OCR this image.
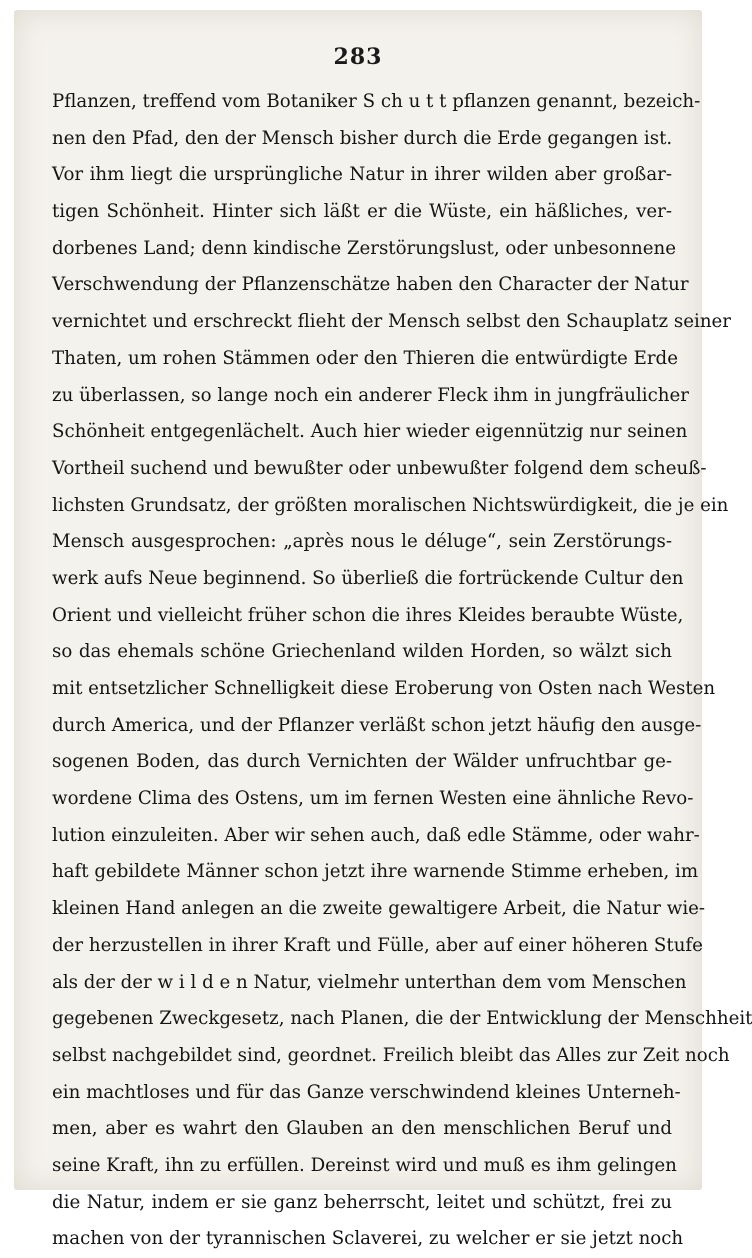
283
Pflanzen, treffend vom Botaniker S ch u t t pflanzen genannt, bezeich-
nen den Pfad, den der Mensch bisher durch die Erde gegangen ist.
Vor ihm liegt die ursprüngliche Natur in ihrer wilden aber großar-
tigen Schönheit. Hinter sich läßt er die Wüste, ein häßliches, ver-
dorbenes Land; denn kindische Zerstörungslust, oder unbesonnene
Verschwendung der Pflanzenschätze haben den Character der Natur
vernichtet und erschreckt flieht der Mensch selbst den Schauplatz seiner
Thaten, um rohen Stämmen oder den Thieren die entwürdigte Erde
zu überlassen, so lange noch ein anderer Fleck ihm in jungfräulicher
Schönheit entgegenlächelt. Auch hier wieder eigennützig nur seinen
Vortheil suchend und bewußter oder unbewußter folgend dem scheuß-
lichsten Grundsatz, der größten moralischen Nichtswürdigkeit, die je ein
Mensch ausgesprochen: „après nous le déluge“, sein Zerstörungs-
werk aufs Neue beginnend. So überließ die fortrückende Cultur den
Orient und vielleicht früher schon die ihres Kleides beraubte Wüste,
so das ehemals schöne Griechenland wilden Horden, so wälzt sich
mit entsetzlicher Schnelligkeit diese Eroberung von Osten nach Westen
durch America, und der Pflanzer verläßt schon jetzt häufig den ausge-
sogenen Boden, das durch Vernichten der Wälder unfruchtbar ge-
wordene Clima des Ostens, um im fernen Westen eine ähnliche Revo-
lution einzuleiten. Aber wir sehen auch, daß edle Stämme, oder wahr-
haft gebildete Männer schon jetzt ihre warnende Stimme erheben, im
kleinen Hand anlegen an die zweite gewaltigere Arbeit, die Natur wie-
der herzustellen in ihrer Kraft und Fülle, aber auf einer höheren Stufe
als der der w i l d e n Natur, vielmehr unterthan dem vom Menschen
gegebenen Zweckgesetz, nach Planen, die der Entwicklung der Menschheit
selbst nachgebildet sind, geordnet. Freilich bleibt das Alles zur Zeit noch
ein machtloses und für das Ganze verschwindend kleines Unterneh-
men, aber es wahrt den Glauben an den menschlichen Beruf und
seine Kraft, ihn zu erfüllen. Dereinst wird und muß es ihm gelingen
die Natur, indem er sie ganz beherrscht, leitet und schützt, frei zu
machen von der tyrannischen Sclaverei, zu welcher er sie jetzt noch
